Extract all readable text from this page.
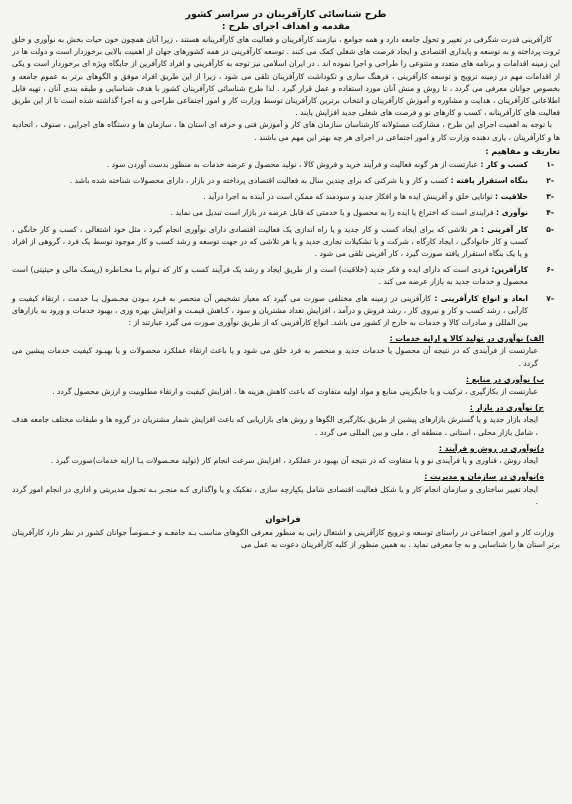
طرح شناسائی کارآفرینان در سراسر کشور

مقدمه و اهداف اجرای طرح :

کارآفرینی قدرت شگرفی در تغییر و تحول جامعه دارد و همه جوامع ، نیازمند کارآفرینان و فعالیت های کارآفرینانه هستند ، زیرا آنان همچون خون حیات بخش به نوآوری و خلق ثروت پرداخته و به توسعه و پایداری اقتصادی و ایجاد فرصت های شغلی کمک می کنند . توسعه کارآفرینی در همه کشورهای جهان از اهمیت بالایی برخوردار است و دولت ها در این زمینه اقدامات و برنامه های متعدد و متنوعی را طراحی و اجرا نموده اند . در ایران اسلامی نیز توجه به کارآفرینی و افراد کارآفرین از جایگاه ویژه ای برخوردار است و یکی از اقدامات مهم در زمینه ترویج و توسعه کارآفرینی ، فرهنگ سازی و تکوداشت کارآفرینان تلقی می شود ، زیرا از این طریق افراد موفق و الگوهای برتر به عموم جامعه و بخصوص جوانان معرفی می گردد ، تا روش و منش آنان مورد استفاده و عمل قرار گیرد . لذا طرح شناسائی کارآفرینان کشور با هدف شناسایی و طبقه بندی آنان ، تهیه فایل اطلاعاتی کارآفرینان ، هدایت و مشاوره و آموزش کارآفرینان و انتخاب برترین کارآفرینان توسط وزارت کار و امور اجتماعی طراحی و به اجرا گذاشته شده است تا از این طریق فعالیت های کارآفرینانه ، کسب و کارهای نو و فرصت های شغلی جدید افزایش یابند .

با توجه به اهمیت اجرای این طرح ، مشارکت مسئولانه کارشناسان سازمان های کار و آموزش فنی و حرفه ای استان ها ، سازمان ها و دستگاه های اجرایی ، صنوف ، اتحادیه ها و کارآفرینان ، یاری دهنده وزارت کار و امور اجتماعی در اجرای هر چه بهتر این مهم می باشند .

تعاریف و مفاهیم :

-۱
کسب و کار : عبارتست از هر گونه فعالیت و فرآیند خرید و فروش کالا ، تولید محصول و عرضه خدمات به منظور بدست آوردن سود .
-۲
بنگاه استقرار یافته : کسب و کار و یا شرکتی که برای چندین سال به فعالیت اقتصادی پرداخته و در بازار ، دارای محصولات شناخته شده باشد .
-۳
خلاقیت : توانایی خلق و آفرینش ایده ها و افکار جدید و سودمند که ممکن است در آینده به اجرا درآید .
-۴
نوآوری : فرایندی است که اختراع یا ایده را به محصول و یا خدمتی که قابل عرضه در بازار است تبدیل می نماید .
-۵
کار آفرینی : هر تلاشی که برای ایجاد کسب و کار جدید و یا راه اندازی یک فعالیت اقتصادی دارای نوآوری انجام گیرد ، مثل خود اشتغالی ، کسب و کار خانگی ، کسب و کار خانوادگی ، ایجاد کارگاه ، شرکت و یا تشکیلات تجاری جدید و یا هر تلاشی که در جهت توسعه و رشد کسب و کار موجود توسط یک فرد ، گروهی از افراد و یا یک بنگاه استقرار یافته صورت گیرد ، کار آفرینی تلقی می شود .
-۶
کارآفرین: فردی است که دارای ایده و فکر جدید (خلاقیت) است و از طریق ایجاد و رشد یک فرآیند کسب و کار که تـوأم بـا مخـاطره (ریسک مالی و حیثیتی) است محصول و خدمات جدید به بازار عرضه می کند .
-۷
ابعاد و انواع کارآفرینی : کارآفرینی در زمینه های مختلفی صورت می گیرد که معیار تشخیص آن منحصر به فـرد بـودن محـصول یـا خدمت ، ارتقاء کیفیت و کارآیی ، رشد کسب و کار و نیروی کار ، رشد فروش و درآمد ، افزایش تعداد مشتریان و سود ، کـاهش قیمـت و افزایش بهره وری ، بهبود خدمات و ورود به بازارهای بین المللی و صادرات کالا و خدمات به خارج از کشور می باشد. انواع کارآفرینی که از طریق نوآوری صورت می گیرد عبارتند از :

الف) نوآوری در تولید کالا و ارایه خدمات :

عبارتست از فرآیندی که در نتیجه آن محصول یا خدمات جدید و منحصر به فرد خلق می شود و یا باعث ارتقاء عملکرد محصولات و یا بهبـود کیفیت خدمات پیشین می گردد .

ب) نوآوری در منابع :

عبارتست از بکارگیری ، ترکیب و یا جایگزینی منابع و مواد اولیه متفاوت که باعث کاهش هزینه ها ، افزایش کیفیت و ارتقاء مطلوبیت و ارزش محصول گردد .

ج) نوآوری در بازار :

ایجاد بازار جدید و یا گسترش بازارهای پیشین از طریق بکارگیری الگوها و روش های بازاریابی که باعث افزایش شمار مشتریان در گروه ها و طبقات مختلف جامعه هدف ، شامل بازار محلی ، استانی ، منطقه ای ، ملی و بین المللی می گردد .

د)نوآوری در روش و فرآیند :

ایجاد روش ، فناوری و یا فرآیندی نو و یا متفاوت که در نتیجه آن بهبود در عملکرد ، افزایش سرعت انجام کار (تولید محـصولات یـا ارایه خدمات)صورت گیرد .

ه)نوآوری در سازمان و مدیریت :

ایجاد تغییر ساختاری و سازمان انجام کار و یا شکل فعالیت اقتصادی شامل یکپارچه سازی ، تفکیک و یا واگذاری کـه منجـر بـه تحـول مدیریتی و اداری در انجام امور گردد .

فراخوان

وزارت کار و امور اجتماعی در راستای توسعه و ترویج کارآفرینی و اشتغال زایی به منظور معرفی الگوهای مناسب بـه جامعـه و خـصوصاً جوانان کشور در نظر دارد کارآفرینان برتر استان ها را شناسایی و به جا معرفی نماید . به همین منظور از کلیه کارآفرینان دعوت به عمل می
